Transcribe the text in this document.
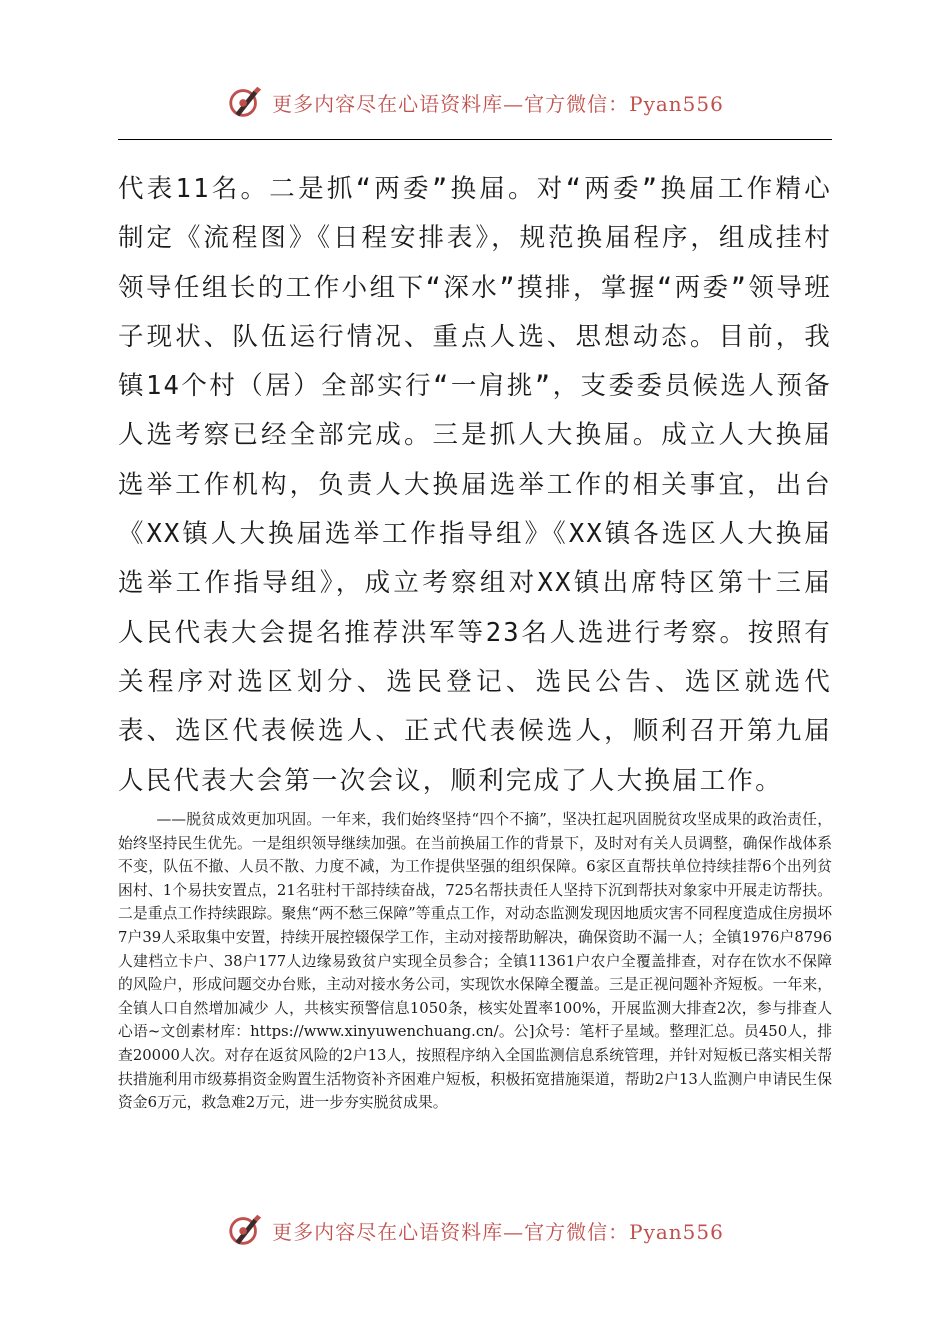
更多内容尽在心语资料库—官方微信：Pyan556

代表11名。二是抓“两委”换届。对“两委”换届工作精心制定《流程图》《日程安排表》，规范换届程序，组成挂村领导任组长的工作小组下“深水”摸排，掌握“两委”领导班子现状、队伍运行情况、重点人选、思想动态。目前，我镇14个村（居）全部实行“一肩挑”，支委委员候选人预备人选考察已经全部完成。三是抓人大换届。成立人大换届选举工作机构，负责人大换届选举工作的相关事宜，出台《XX镇人大换届选举工作指导组》《XX镇各选区人大换届选举工作指导组》，成立考察组对XX镇出席特区第十三届人民代表大会提名推荐洪军等23名人选进行考察。按照有关程序对选区划分、选民登记、选民公告、选区就选代表、选区代表候选人、正式代表候选人，顺利召开第九届人民代表大会第一次会议，顺利完成了人大换届工作。

——脱贫成效更加巩固。一年来，我们始终坚持“四个不摘”，坚决扛起巩固脱贫攻坚成果的政治责任，始终坚持民生优先。一是组织领导继续加强。在当前换届工作的背景下，及时对有关人员调整，确保作战体系不变，队伍不撤、人员不散、力度不减，为工作提供坚强的组织保障。6家区直帮扶单位持续挂帮6个出列贫困村、1个易扶安置点，21名驻村干部持续奋战，725名帮扶责任人坚持下沉到帮扶对象家中开展走访帮扶。二是重点工作持续跟踪。聚焦“两不愁三保障”等重点工作，对动态监测发现因地质灾害不同程度造成住房损坏7户39人采取集中安置，持续开展控辍保学工作，主动对接帮助解决，确保资助不漏一人；全镇1976户8796人建档立卡户、38户177人边缘易致贫户实现全员参合；全镇11361户农户全覆盖排查，对存在饮水不保障的风险户，形成问题交办台账，主动对接水务公司，实现饮水保障全覆盖。三是正视问题补齐短板。一年来，全镇人口自然增加减少 人，共核实预警信息1050条，核实处置率100%，开展监测大排查2次，参与排查人心语~文创素材库：https://www.xinyuwenchuang.cn/。公]众号：笔杆子星域。整理汇总。员450人，排查20000人次。对存在返贫风险的2户13人，按照程序纳入全国监测信息系统管理，并针对短板已落实相关帮扶措施利用市级募捐资金购置生活物资补齐困难户短板，积极拓宽措施渠道，帮助2户13人监测户申请民生保资金6万元，救急难2万元，进一步夯实脱贫成果。

更多内容尽在心语资料库—官方微信：Pyan556
